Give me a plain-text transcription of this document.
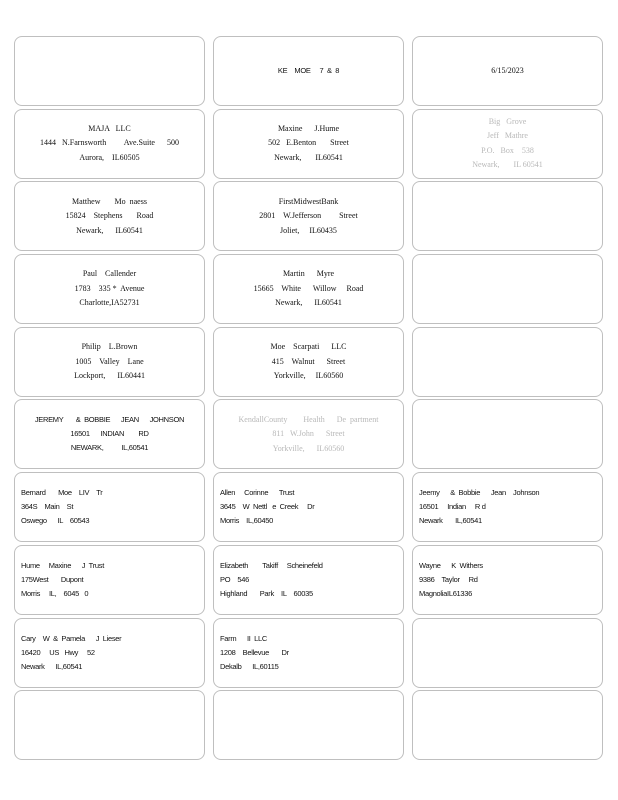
KE    MOE     7  &  8	6/15/2023
MAJA   LLC
1444   N.Farnsworth         Ave.Suite      500
Aurora,    IL60505
Maxine      J.Hume
502   E.Benton       Street
Newark,       IL60541
Big   Grove
Jeff   Mathre
P.O.   Box    538
Newark,       IL 60541
Matthew       Mo  naess
15824    Stephens       Road
Newark,      IL60541
FirstMidwestBank
2801    W.Jefferson         Street
Joliet,     IL60435
Paul    Callender
1783    335 *  Avenue
Charlotte,IA52731
Martin      Myre
15665    White      Willow     Road
Newark,      IL60541
Philip    L.Brown
1005    Valley    Lane
Lockport,      IL60441
Moe    Scarpati      LLC
415    Walnut      Street
Yorkville,     IL60560
JEREMY       &  BOBBIE      JEAN      JOHNSON
16501      INDIAN        RD
NEWARK,          IL,60541
KendallCounty        Health      De  partment
811   W.John      Street
Yorkville,      IL60560
Bernard       Moe    LIV    Tr
364S    Main    St
Oswego      IL    60543
Allen     Corinne      Trust
3645    W  Nettl   e  Creek     Dr
Morris    IL,60450
Jeemy      &  Bobbie      Jean    Johnson
16501     Indian     R d
Newark       IL,60541
Hume     Maxine      J  Trust
175West       Dupont
Morris     IL,    6045   0
Elizabeth        Takiff     Scheinefeld
PO    546
Highland       Park    IL    60035
Wayne      K  Withers
9386    Taylor     Rd
MagnoliaIL61336
Cary    W  &  Pamela      J  Lieser
16420     US   Hwy     52
Newark      IL,60541
Farm      II  LLC
1208    Bellevue       Dr
Dekalb      IL,60115
